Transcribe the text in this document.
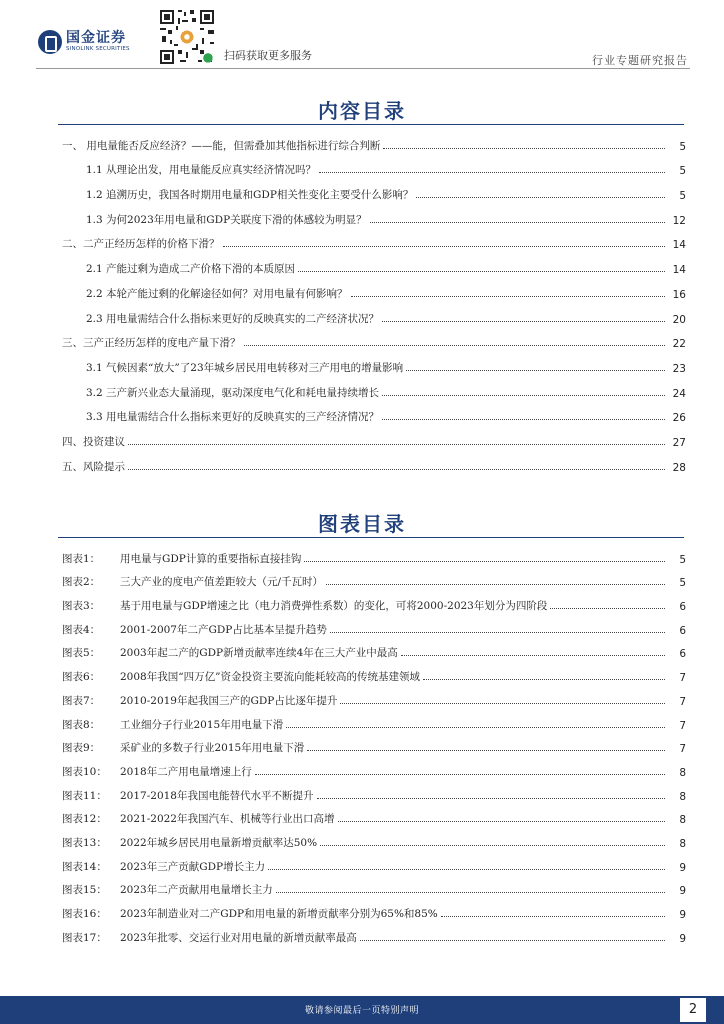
国金证券
SINOLINK SECURITIES	扫码获取更多服务	行业专题研究报告
内容目录
一、 用电量能否反应经济？——能，但需叠加其他指标进行综合判断	5
1.1 从理论出发，用电量能反应真实经济情况吗？	5
1.2 追溯历史，我国各时期用电量和GDP相关性变化主要受什么影响？	5
1.3 为何2023年用电量和GDP关联度下滑的体感较为明显？	12
二、二产正经历怎样的价格下滑？	14
2.1 产能过剩为造成二产价格下滑的本质原因	14
2.2 本轮产能过剩的化解途径如何？对用电量有何影响？	16
2.3 用电量需结合什么指标来更好的反映真实的二产经济状况？	20
三、三产正经历怎样的度电产量下滑？	22
3.1 气候因素“放大”了23年城乡居民用电转移对三产用电的增量影响	23
3.2 三产新兴业态大量涌现，驱动深度电气化和耗电量持续增长	24
3.3 用电量需结合什么指标来更好的反映真实的三产经济情况？	26
四、投资建议	27
五、风险提示	28
图表目录
图表1：	用电量与GDP计算的重要指标直接挂钩	5
图表2：	三大产业的度电产值差距较大（元/千瓦时）	5
图表3：	基于用电量与GDP增速之比（电力消费弹性系数）的变化，可将2000-2023年划分为四阶段	6
图表4：	2001-2007年二产GDP占比基本呈提升趋势	6
图表5：	2003年起二产的GDP新增贡献率连续4年在三大产业中最高	6
图表6：	2008年我国“四万亿”资金投资主要流向能耗较高的传统基建领域	7
图表7：	2010-2019年起我国三产的GDP占比逐年提升	7
图表8：	工业细分子行业2015年用电量下滑	7
图表9：	采矿业的多数子行业2015年用电量下滑	7
图表10：	2018年二产用电量增速上行	8
图表11：	2017-2018年我国电能替代水平不断提升	8
图表12：	2021-2022年我国汽车、机械等行业出口高增	8
图表13：	2022年城乡居民用电量新增贡献率达50%	8
图表14：	2023年三产贡献GDP增长主力	9
图表15：	2023年二产贡献用电量增长主力	9
图表16：	2023年制造业对二产GDP和用电量的新增贡献率分别为65%和85%	9
图表17：	2023年批零、交运行业对用电量的新增贡献率最高	9
敬请参阅最后一页特别声明	2
